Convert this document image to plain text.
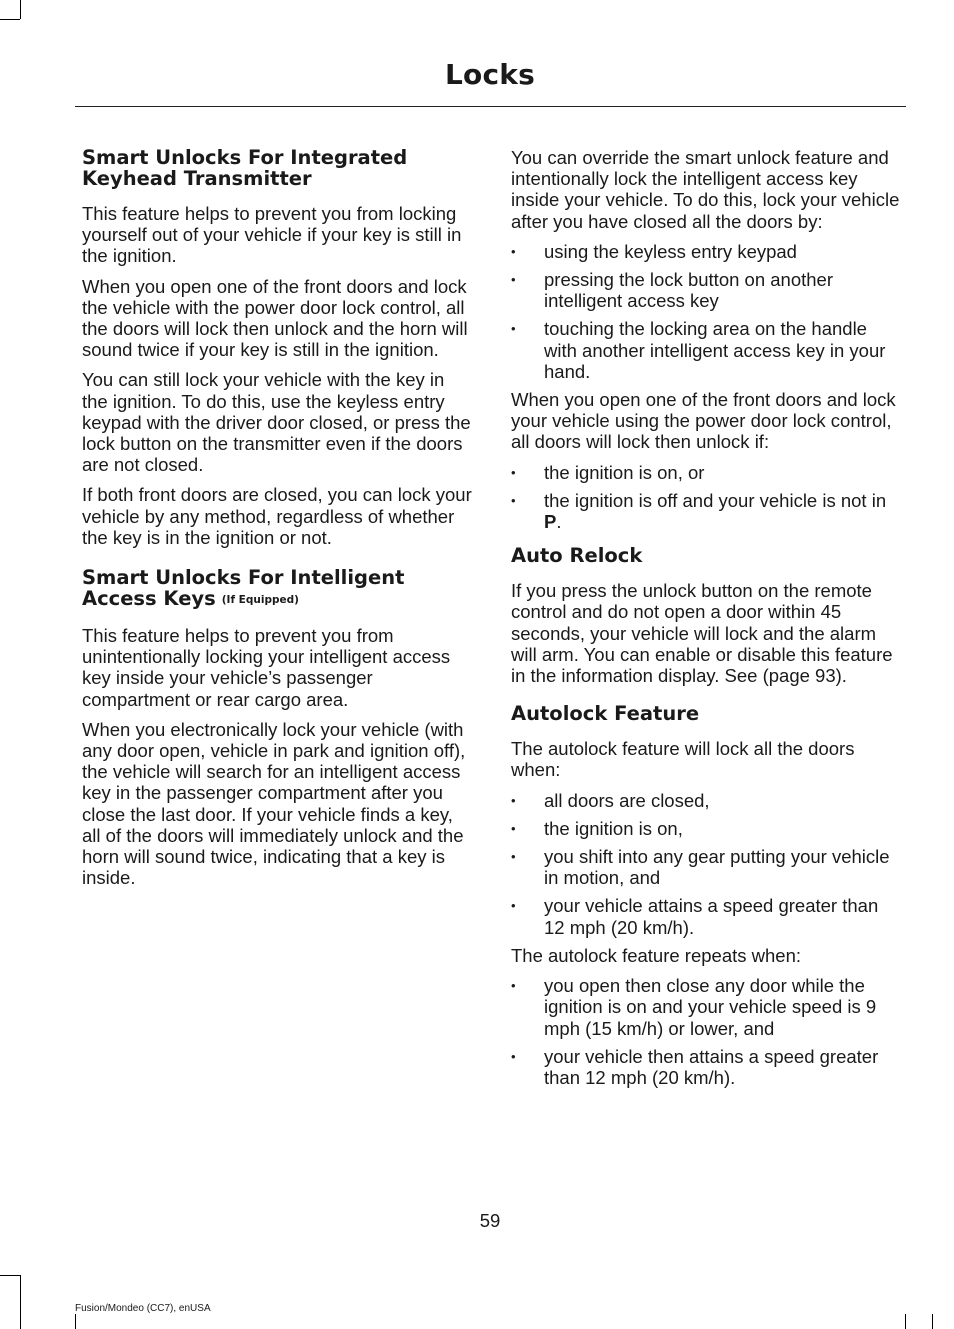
Locks
Smart Unlocks For Integrated Keyhead Transmitter

This feature helps to prevent you from locking yourself out of your vehicle if your key is still in the ignition.

When you open one of the front doors and lock the vehicle with the power door lock control, all the doors will lock then unlock and the horn will sound twice if your key is still in the ignition.

You can still lock your vehicle with the key in the ignition. To do this, use the keyless entry keypad with the driver door closed, or press the lock button on the transmitter even if the doors are not closed.

If both front doors are closed, you can lock your vehicle by any method, regardless of whether the key is in the ignition or not.

Smart Unlocks For Intelligent Access Keys (If Equipped)

This feature helps to prevent you from unintentionally locking your intelligent access key inside your vehicle’s passenger compartment or rear cargo area.

When you electronically lock your vehicle (with any door open, vehicle in park and ignition off), the vehicle will search for an intelligent access key in the passenger compartment after you close the last door. If your vehicle finds a key, all of the doors will immediately unlock and the horn will sound twice, indicating that a key is inside.

You can override the smart unlock feature and intentionally lock the intelligent access key inside your vehicle. To do this, lock your vehicle after you have closed all the doors by:

• using the keyless entry keypad
• pressing the lock button on another intelligent access key
• touching the locking area on the handle with another intelligent access key in your hand.

When you open one of the front doors and lock your vehicle using the power door lock control, all doors will lock then unlock if:

• the ignition is on, or
• the ignition is off and your vehicle is not in P.
Auto Relock

If you press the unlock button on the remote control and do not open a door within 45 seconds, your vehicle will lock and the alarm will arm. You can enable or disable this feature in the information display. See (page 93).

Autolock Feature

The autolock feature will lock all the doors when:

• all doors are closed,
• the ignition is on,
• you shift into any gear putting your vehicle in motion, and
• your vehicle attains a speed greater than 12 mph (20 km/h).

The autolock feature repeats when:

• you open then close any door while the ignition is on and your vehicle speed is 9 mph (15 km/h) or lower, and
• your vehicle then attains a speed greater than 12 mph (20 km/h).
59
Fusion/Mondeo (CC7), enUSA
